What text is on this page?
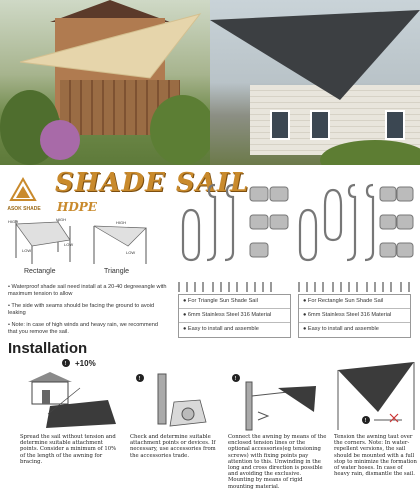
ASOK SHADE
SHADE SAIL
HDPE
HIGH	HIGH
LOW
LOW
Rectangle
HIGH
LOW
Triangle

• Waterproof shade sail need install at a 20-40 degreeangle with maximum tension to allow

• The side with seams should be facing the ground to avoid leaking

• Note: in case of high winds and heavy rain, we recommend that you remove the sail.

● For Triangle Sun Shade Sail
● 6mm Stainless Steel 316 Material
● Easy to install and assemble
● For Rectangle Sun Shade Sail
● 6mm Stainless Steel 316 Material
● Easy to install and assemble
Installation
! +10%
!	!
!
Spread the sail without tension and determine suitable attachment points. Consider a minimum of 10% of the length of the awning for bracing.
Check and determine suitable attachment points or devices. If necessary, use accessories from the accessories trade.
Connect the awning by means of the enclosed tension lines or the optional accessories(eg tensioning screws) with fixing points pay attention to this. Unwinding in the long and cross direction is possible and avoiding the exclusive. Mounting by means of rigid mounting material.
Tension the awning taut over the corners. Note: In water-repellent versions, the sail should be mounted with a full stop to minimize the formation of water hoses. In case of heavy rain, dismantle the sail.
